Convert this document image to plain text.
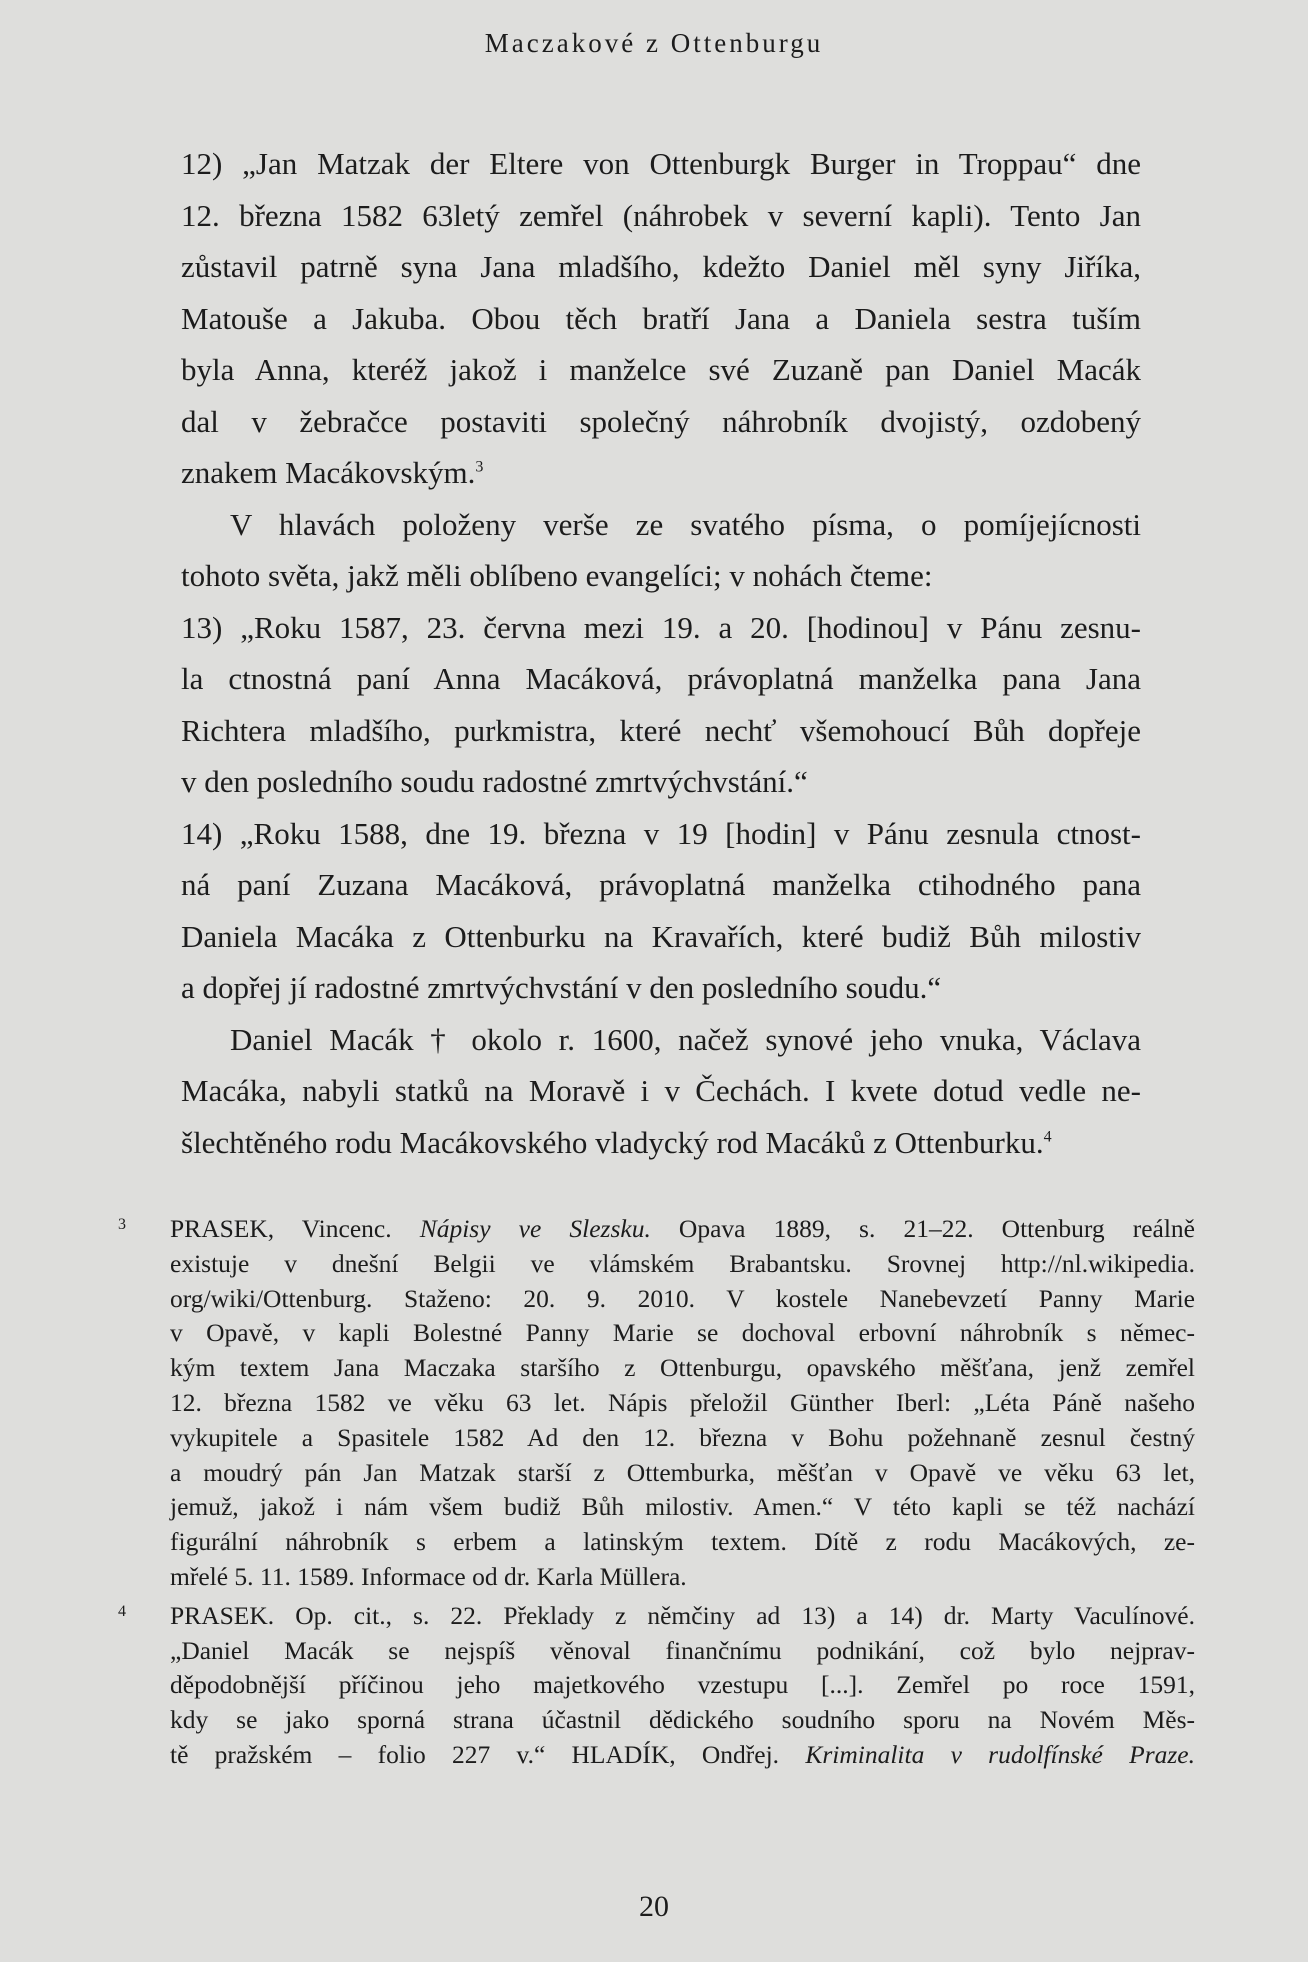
Maczakové z Ottenburgu
12) „Jan Matzak der Eltere von Ottenburgk Burger in Troppau“ dne
12. března 1582 63letý zemřel (náhrobek v severní kapli). Tento Jan
zůstavil patrně syna Jana mladšího, kdežto Daniel měl syny Jiříka,
Matouše a Jakuba. Obou těch bratří Jana a Daniela sestra tuším
byla Anna, kteréž jakož i manželce své Zuzaně pan Daniel Macák
dal v žebračce postaviti společný náhrobník dvojistý, ozdobený
znakem Macákovským.$^3$
V hlavách položeny verše ze svatého písma, o pomíjejícnosti
tohoto světa, jakž měli oblíbeno evangelíci; v nohách čteme:
13) „Roku 1587, 23. června mezi 19. a 20. [hodinou] v Pánu zesnu-
la ctnostná paní Anna Macáková, právoplatná manželka pana Jana
Richtera mladšího, purkmistra, které nechť všemohoucí Bůh dopřeje
v den posledního soudu radostné zmrtvýchvstání.“
14) „Roku 1588, dne 19. března v 19 [hodin] v Pánu zesnula ctnost-
ná paní Zuzana Macáková, právoplatná manželka ctihodného pana
Daniela Macáka z Ottenburku na Kravařích, které budiž Bůh milostiv
a dopřej jí radostné zmrtvýchvstání v den posledního soudu.“
Daniel Macák † okolo r. 1600, načež synové jeho vnuka, Václava
Macáka, nabyli statků na Moravě i v Čechách. I kvete dotud vedle ne-
šlechtěného rodu Macákovského vladycký rod Macáků z Ottenburku.$^4$
3 PRASEK, Vincenc. Nápisy ve Slezsku. Opava 1889, s. 21–22. Ottenburg reálně
existuje v dnešní Belgii ve vlámském Brabantsku. Srovnej http://nl.wikipedia.
org/wiki/Ottenburg. Staženo: 20. 9. 2010. V kostele Nanebevzetí Panny Marie
v Opavě, v kapli Bolestné Panny Marie se dochoval erbovní náhrobník s němec-
kým textem Jana Maczaka staršího z Ottenburgu, opavského měšťana, jenž zemřel
12. března 1582 ve věku 63 let. Nápis přeložil Günther Iberl: „Léta Páně našeho
vykupitele a Spasitele 1582 Ad den 12. března v Bohu požehnaně zesnul čestný
a moudrý pán Jan Matzak starší z Ottemburka, měšťan v Opavě ve věku 63 let,
jemuž, jakož i nám všem budiž Bůh milostiv. Amen.“ V této kapli se též nachází
figurální náhrobník s erbem a latinským textem. Dítě z rodu Macákových, ze-
mřelé 5. 11. 1589. Informace od dr. Karla Müllera.
4 PRASEK. Op. cit., s. 22. Překlady z němčiny ad 13) a 14) dr. Marty Vaculínové.
„Daniel Macák se nejspíš věnoval finančnímu podnikání, což bylo nejprav-
děpodobnější příčinou jeho majetkového vzestupu [...]. Zemřel po roce 1591,
kdy se jako sporná strana účastnil dědického soudního sporu na Novém Měs-
tě pražském – folio 227 v.“ HLADÍK, Ondřej. Kriminalita v rudolfínské Praze.
20
